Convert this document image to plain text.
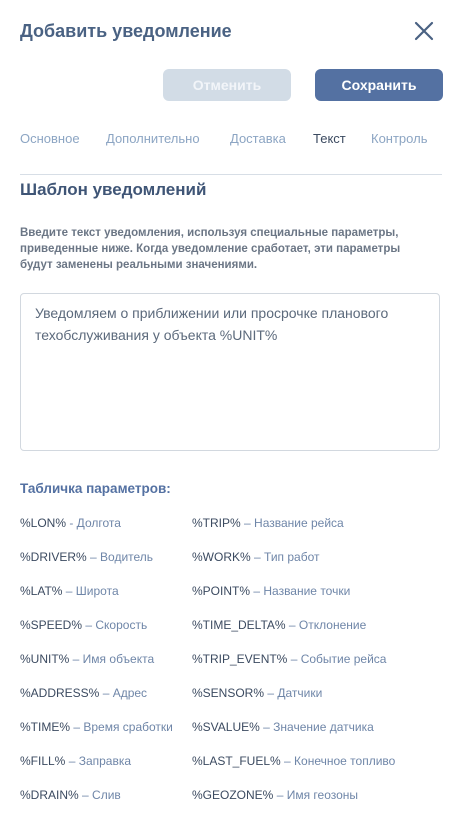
Добавить уведомление
Отменить	Сохранить
Основное Дополнительно Доставка Текст Контроль
Шаблон уведомлений
Введите текст уведомления, используя специальные параметры, приведенные ниже. Когда уведомление сработает, эти параметры будут заменены реальными значениями.
Уведомляем о приближении или просрочке планового техобслуживания у объекта %UNIT%
Табличка параметров:
%LON% - Долгота	%TRIP% – Название рейса
%DRIVER% – Водитель	%WORK% – Тип работ
%LAT% – Широта	%POINT% – Название точки
%SPEED% – Скорость	%TIME_DELTA% – Отклонение
%UNIT% – Имя объекта	%TRIP_EVENT% – Событие рейса
%ADDRESS% – Адрес	%SENSOR% – Датчики
%TIME% – Время сработки %SVALUE% – Значение датчика
%FILL% – Заправка	%LAST_FUEL% – Конечное топливо
%DRAIN% – Слив	%GEOZONE% – Имя геозоны
